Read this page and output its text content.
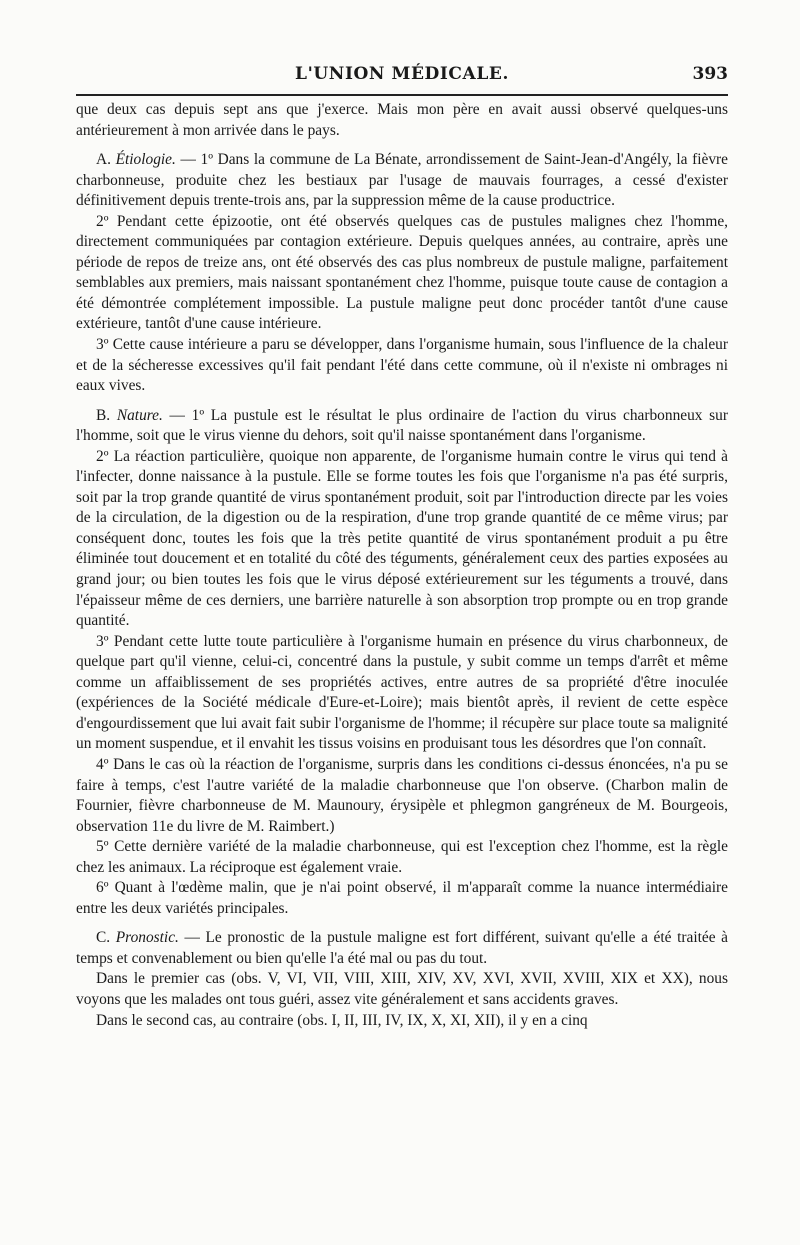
L'UNION MÉDICALE.	393

que deux cas depuis sept ans que j'exerce. Mais mon père en avait aussi observé quelques-uns antérieurement à mon arrivée dans le pays.

A. Étiologie. — 1º Dans la commune de La Bénate, arrondissement de Saint-Jean-d'Angély, la fièvre charbonneuse, produite chez les bestiaux par l'usage de mauvais fourrages, a cessé d'exister définitivement depuis trente-trois ans, par la suppression même de la cause productrice.

2º Pendant cette épizootie, ont été observés quelques cas de pustules malignes chez l'homme, directement communiquées par contagion extérieure. Depuis quelques années, au contraire, après une période de repos de treize ans, ont été observés des cas plus nombreux de pustule maligne, parfaitement semblables aux premiers, mais naissant spontanément chez l'homme, puisque toute cause de contagion a été démontrée complétement impossible. La pustule maligne peut donc procéder tantôt d'une cause extérieure, tantôt d'une cause intérieure.

3º Cette cause intérieure a paru se développer, dans l'organisme humain, sous l'influence de la chaleur et de la sécheresse excessives qu'il fait pendant l'été dans cette commune, où il n'existe ni ombrages ni eaux vives.

B. Nature. — 1º La pustule est le résultat le plus ordinaire de l'action du virus charbonneux sur l'homme, soit que le virus vienne du dehors, soit qu'il naisse spontanément dans l'organisme.

2º La réaction particulière, quoique non apparente, de l'organisme humain contre le virus qui tend à l'infecter, donne naissance à la pustule. Elle se forme toutes les fois que l'organisme n'a pas été surpris, soit par la trop grande quantité de virus spontanément produit, soit par l'introduction directe par les voies de la circulation, de la digestion ou de la respiration, d'une trop grande quantité de ce même virus; par conséquent donc, toutes les fois que la très petite quantité de virus spontanément produit a pu être éliminée tout doucement et en totalité du côté des téguments, généralement ceux des parties exposées au grand jour; ou bien toutes les fois que le virus déposé extérieurement sur les téguments a trouvé, dans l'épaisseur même de ces derniers, une barrière naturelle à son absorption trop prompte ou en trop grande quantité.

3º Pendant cette lutte toute particulière à l'organisme humain en présence du virus charbonneux, de quelque part qu'il vienne, celui-ci, concentré dans la pustule, y subit comme un temps d'arrêt et même comme un affaiblissement de ses propriétés actives, entre autres de sa propriété d'être inoculée (expériences de la Société médicale d'Eure-et-Loire); mais bientôt après, il revient de cette espèce d'engourdissement que lui avait fait subir l'organisme de l'homme; il récupère sur place toute sa malignité un moment suspendue, et il envahit les tissus voisins en produisant tous les désordres que l'on connaît.

4º Dans le cas où la réaction de l'organisme, surpris dans les conditions ci-dessus énoncées, n'a pu se faire à temps, c'est l'autre variété de la maladie charbonneuse que l'on observe. (Charbon malin de Fournier, fièvre charbonneuse de M. Maunoury, érysipèle et phlegmon gangréneux de M. Bourgeois, observation 11e du livre de M. Raimbert.)

5º Cette dernière variété de la maladie charbonneuse, qui est l'exception chez l'homme, est la règle chez les animaux. La réciproque est également vraie.

6º Quant à l'œdème malin, que je n'ai point observé, il m'apparaît comme la nuance intermédiaire entre les deux variétés principales.

C. Pronostic. — Le pronostic de la pustule maligne est fort différent, suivant qu'elle a été traitée à temps et convenablement ou bien qu'elle l'a été mal ou pas du tout.

Dans le premier cas (obs. V, VI, VII, VIII, XIII, XIV, XV, XVI, XVII, XVIII, XIX et XX), nous voyons que les malades ont tous guéri, assez vite généralement et sans accidents graves.

Dans le second cas, au contraire (obs. I, II, III, IV, IX, X, XI, XII), il y en a cinq
